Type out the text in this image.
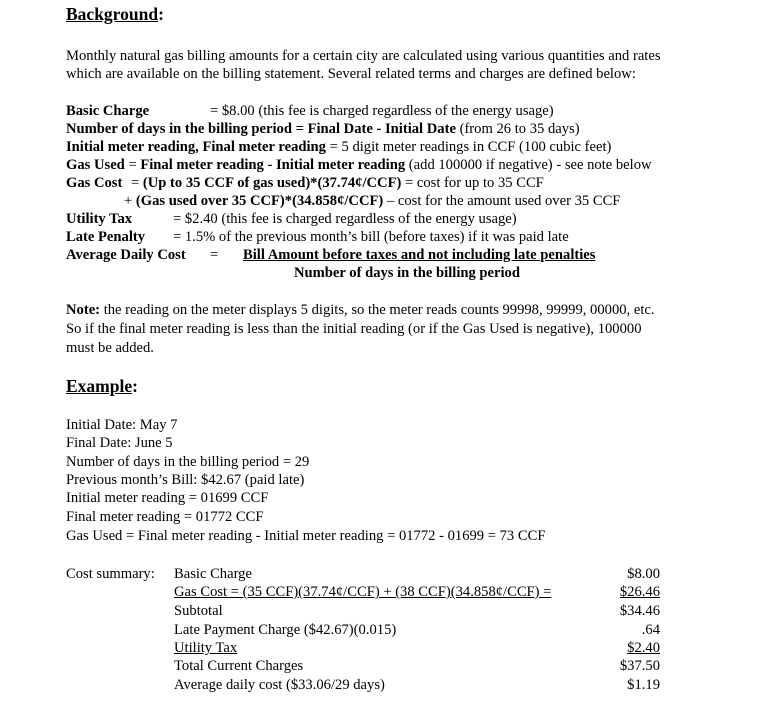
Background:
Monthly natural gas billing amounts for a certain city are calculated using various quantities and rates
which are available on the billing statement. Several related terms and charges are defined below:
Basic Charge	= $8.00 (this fee is charged regardless of the energy usage)
Number of days in the billing period = Final Date - Initial Date (from 26 to 35 days)
Initial meter reading, Final meter reading = 5 digit meter readings in CCF (100 cubic feet)
Gas Used = Final meter reading - Initial meter reading (add 100000 if negative) - see note below
Gas Cost = (Up to 35 CCF of gas used)*(37.74¢/CCF) = cost for up to 35 CCF
+ (Gas used over 35 CCF)*(34.858¢/CCF) – cost for the amount used over 35 CCF
Utility Tax	= $2.40 (this fee is charged regardless of the energy usage)
Late Penalty = 1.5% of the previous month’s bill (before taxes) if it was paid late
Average Daily Cost = Bill Amount before taxes and not including late penalties
Number of days in the billing period
Note: the reading on the meter displays 5 digits, so the meter reads counts 99998, 99999, 00000, etc.
So if the final meter reading is less than the initial reading (or if the Gas Used is negative), 100000
must be added.
Example:
Initial Date: May 7
Final Date: June 5
Number of days in the billing period = 29
Previous month’s Bill: $42.67 (paid late)
Initial meter reading = 01699 CCF
Final meter reading = 01772 CCF
Gas Used = Final meter reading - Initial meter reading = 01772 - 01699 = 73 CCF
Cost summary: Basic Charge	$8.00
Gas Cost = (35 CCF)(37.74¢/CCF) + (38 CCF)(34.858¢/CCF) =	$26.46
Subtotal	$34.46
Late Payment Charge ($42.67)(0.015)	.64
Utility Tax	$2.40
Total Current Charges	$37.50
Average daily cost ($33.06/29 days)	$1.19
